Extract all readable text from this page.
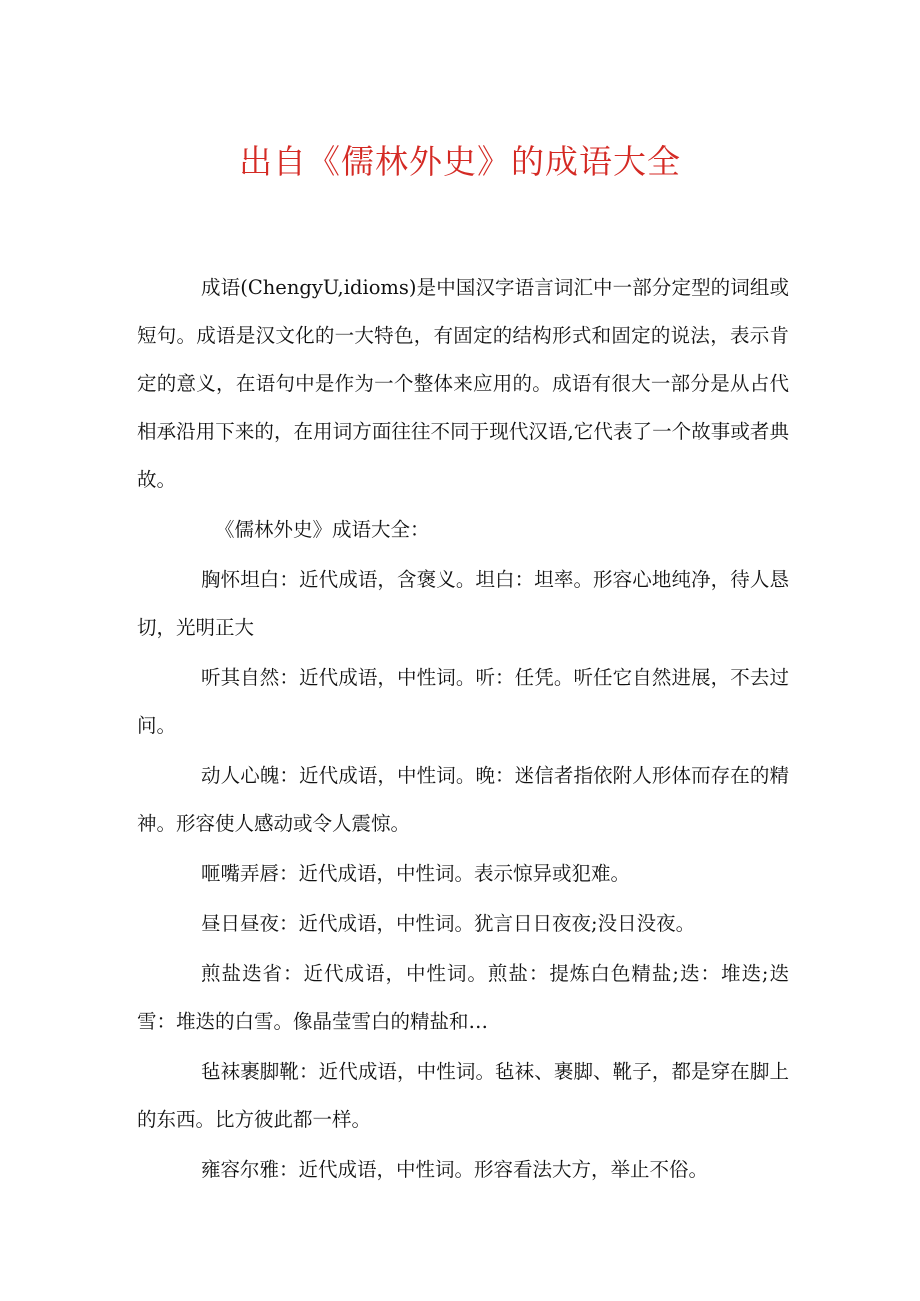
出自《儒林外史》的成语大全

成语(ChengyU,idioms)是中国汉字语言词汇中一部分定型的词组或短句。成语是汉文化的一大特色，有固定的结构形式和固定的说法，表示肯定的意义，在语句中是作为一个整体来应用的。成语有很大一部分是从占代相承沿用下来的，在用词方面往往不同于现代汉语,它代表了一个故事或者典故。

《儒林外史》成语大全：

胸怀坦白：近代成语，含褒义。坦白：坦率。形容心地纯净，待人恳切，光明正大

听其自然：近代成语，中性词。听：任凭。听任它自然进展，不去过问。

动人心魄：近代成语，中性词。晚：迷信者指依附人形体而存在的精神。形容使人感动或令人震惊。

咂嘴弄唇：近代成语，中性词。表示惊异或犯难。

昼日昼夜：近代成语，中性词。犹言日日夜夜;没日没夜。

煎盐迭省：近代成语，中性词。煎盐：提炼白色精盐;迭：堆迭;迭雪：堆迭的白雪。像晶莹雪白的精盐和…

毡袜裹脚靴：近代成语，中性词。毡袜、裹脚、靴子，都是穿在脚上的东西。比方彼此都一样。

雍容尔雅：近代成语，中性词。形容看法大方，举止不俗。
